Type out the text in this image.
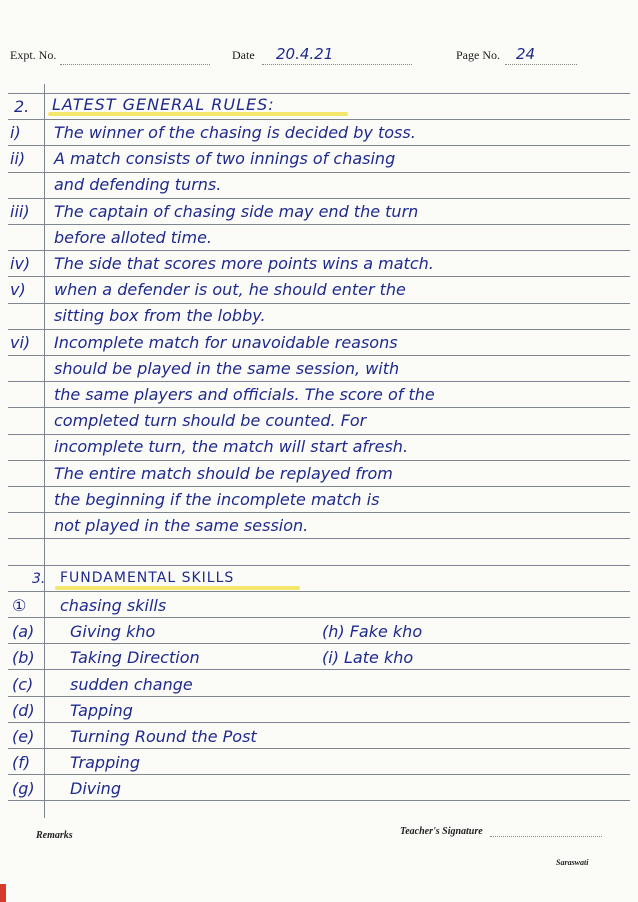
Expt. No.	Date 20.4.21	Page No. 24
2. LATEST GENERAL RULES:
i) The winner of the chasing is decided by toss.
ii) A match consists of two innings of chasing
and defending turns.
iii) The captain of chasing side may end the turn
before alloted time.
iv) The side that scores more points wins a match.
v) when a defender is out, he should enter the
sitting box from the lobby.
vi) Incomplete match for unavoidable reasons
should be played in the same session, with
the same players and officials. The score of the
completed turn should be counted. For
incomplete turn, the match will start afresh.
The entire match should be replayed from
the beginning if the incomplete match is
not played in the same session.
3. FUNDAMENTAL SKILLS
① chasing skills
(a) Giving kho	(h) Fake kho
(b) Taking Direction	(i) Late kho
(c) sudden change
(d) Tapping
(e) Turning Round the Post
(f) Trapping
(g) Diving
Remarks	Teacher's Signature
Saraswati
